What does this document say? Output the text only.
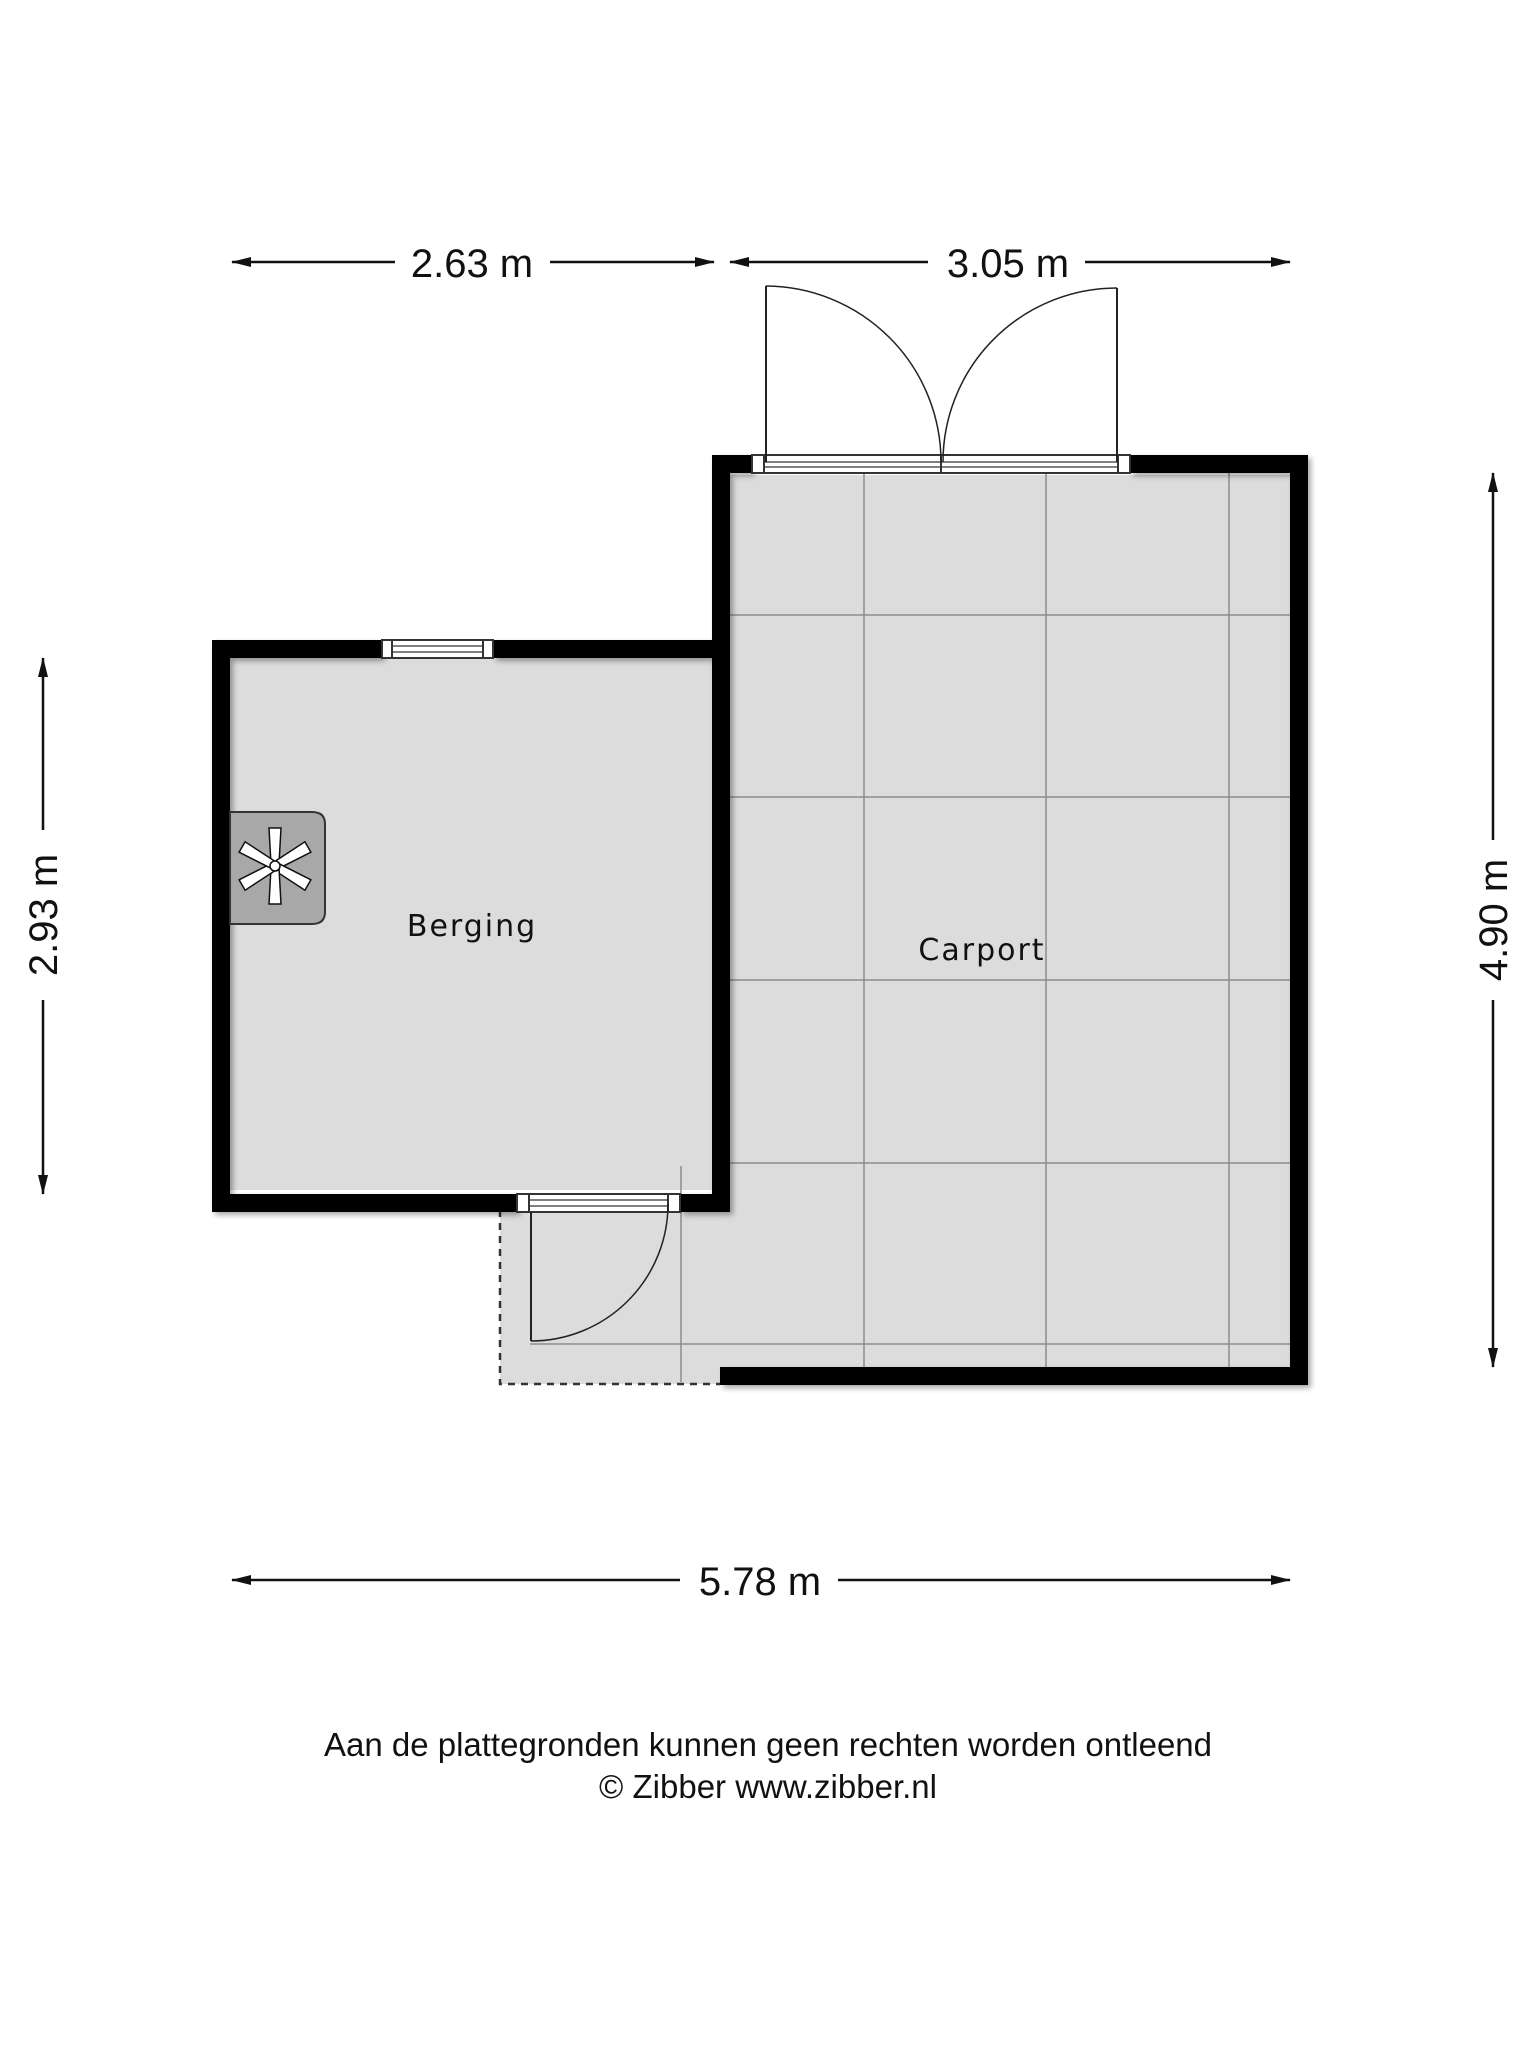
Berging
Carport
2.63 m	3.05 m
5.78 m
2.93 m	4.90 m
Aan de plattegronden kunnen geen rechten worden ontleend
© Zibber www.zibber.nl
